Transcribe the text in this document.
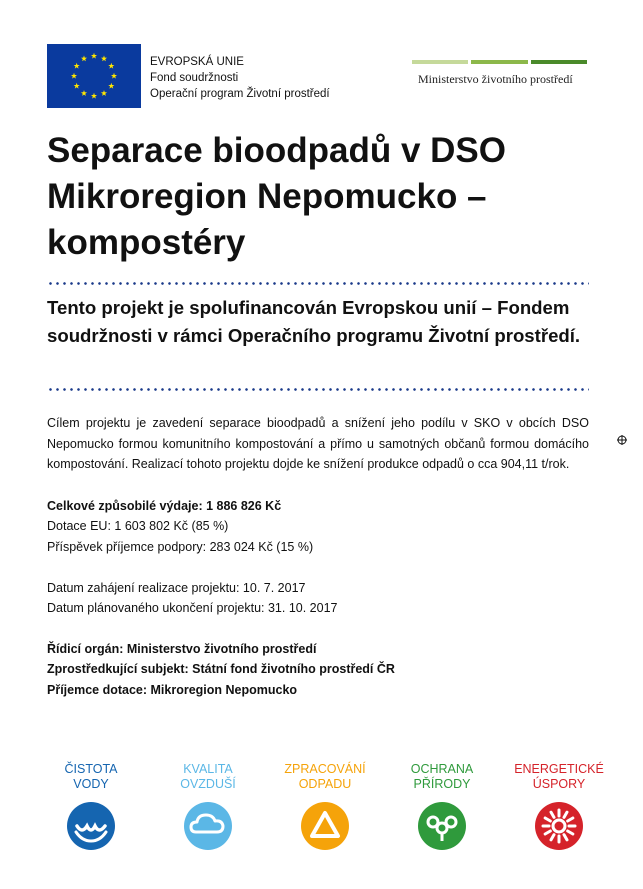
EVROPSKÁ UNIE
Fond soudržnosti
Operační program Životní prostředí
Ministerstvo životního prostředí
Separace bioodpadů v DSO Mikroregion Nepomucko – kompostéry

Tento projekt je spolufinancován Evropskou unií – Fondem soudržnosti v rámci Operačního programu Životní prostředí.

Cílem projektu je zavedení separace bioodpadů a snížení jeho podílu v SKO v obcích DSO Nepomucko formou komunitního kompostování a přímo u samotných občanů formou domácího kompostování. Realizací tohoto projektu dojde ke snížení produkce odpadů o cca 904,11 t/rok.

Celkové způsobilé výdaje: 1 886 826 Kč

Dotace EU: 1 603 802 Kč (85 %)

Příspěvek příjemce podpory: 283 024 Kč (15 %)

Datum zahájení realizace projektu: 10. 7. 2017

Datum plánovaného ukončení projektu: 31. 10. 2017

Řídicí orgán: Ministerstvo životního prostředí

Zprostředkující subjekt: Státní fond životního prostředí ČR

Příjemce dotace: Mikroregion Nepomucko

ČISTOTA
VODY
KVALITA
OVZDUŠÍ
ZPRACOVÁNÍ
ODPADU
OCHRANA
PŘÍRODY
ENERGETICKÉ
ÚSPORY
